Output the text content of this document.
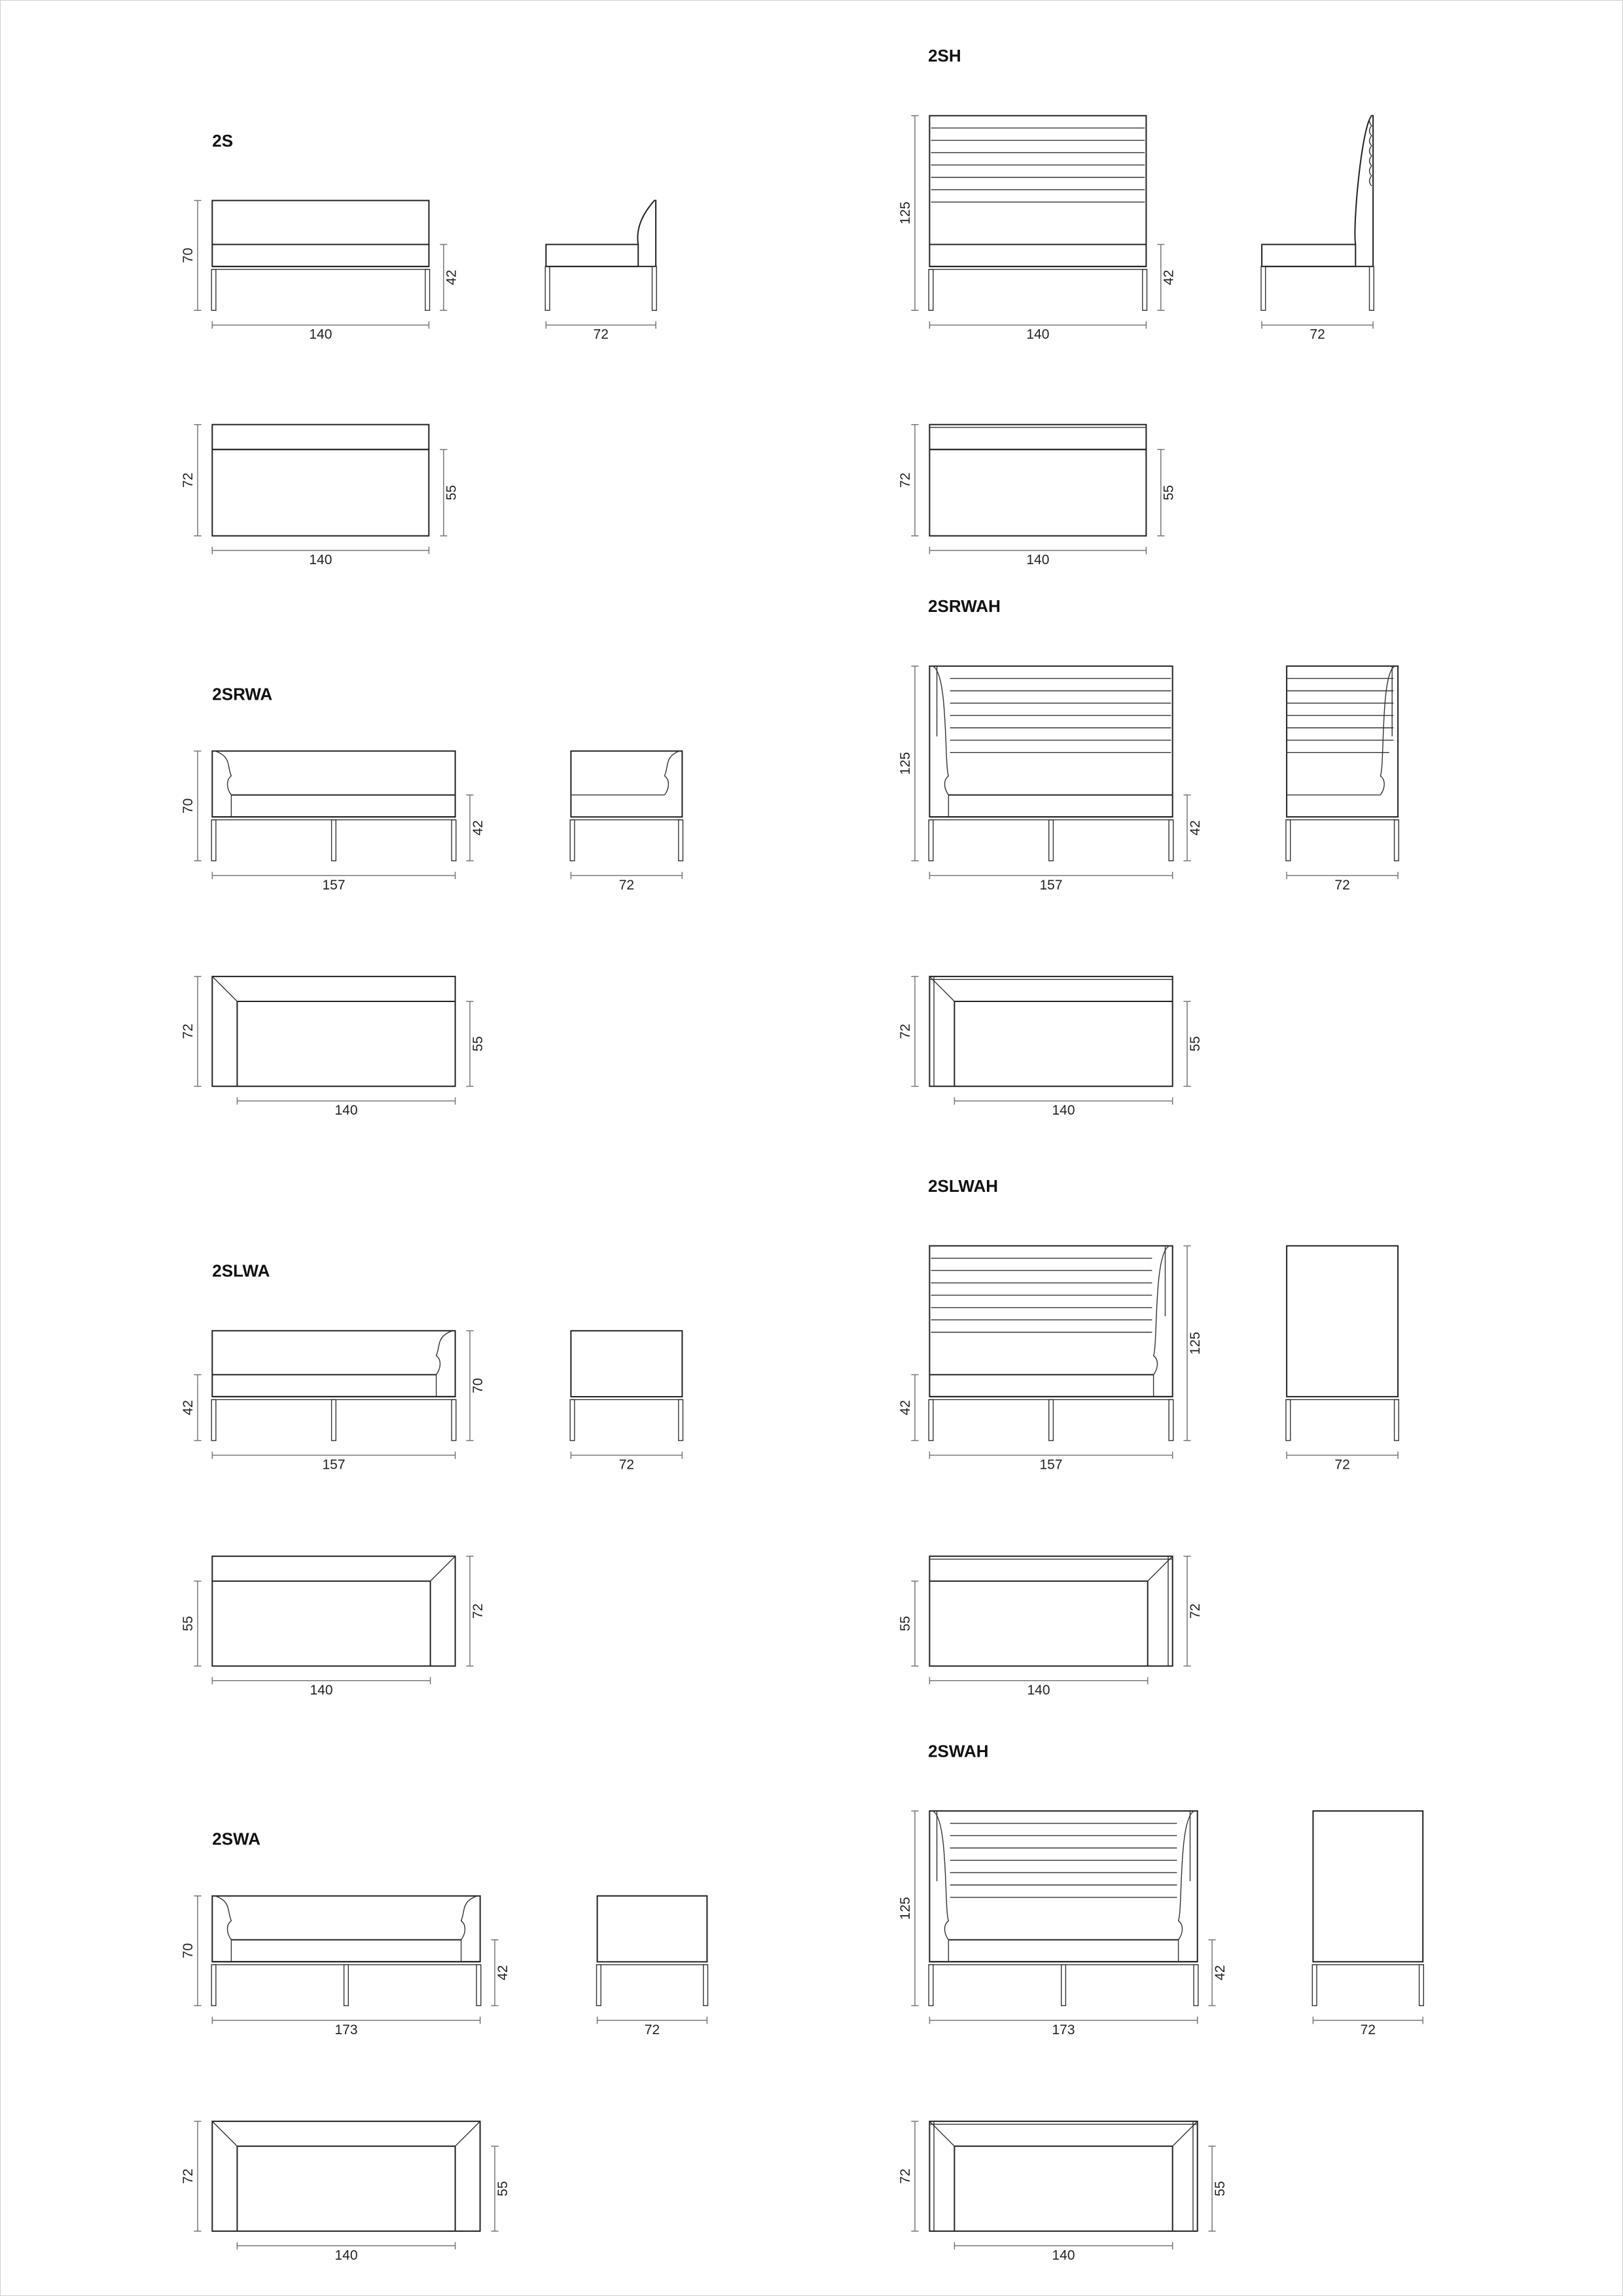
2S
140
70
42
72
140
72
55
2SH
140
125
42
72
140
72
55
2SRWA
157
70
42
72
140
72
55
2SRWAH
157
125
42
72
140
72
55
2SLWA
157
42
70
72
140
55
72
2SLWAH
157
42
125
72
140
55
72
2SWA
173
70
42
72
140
72
55
2SWAH
173
125
42
72
140
72
55
